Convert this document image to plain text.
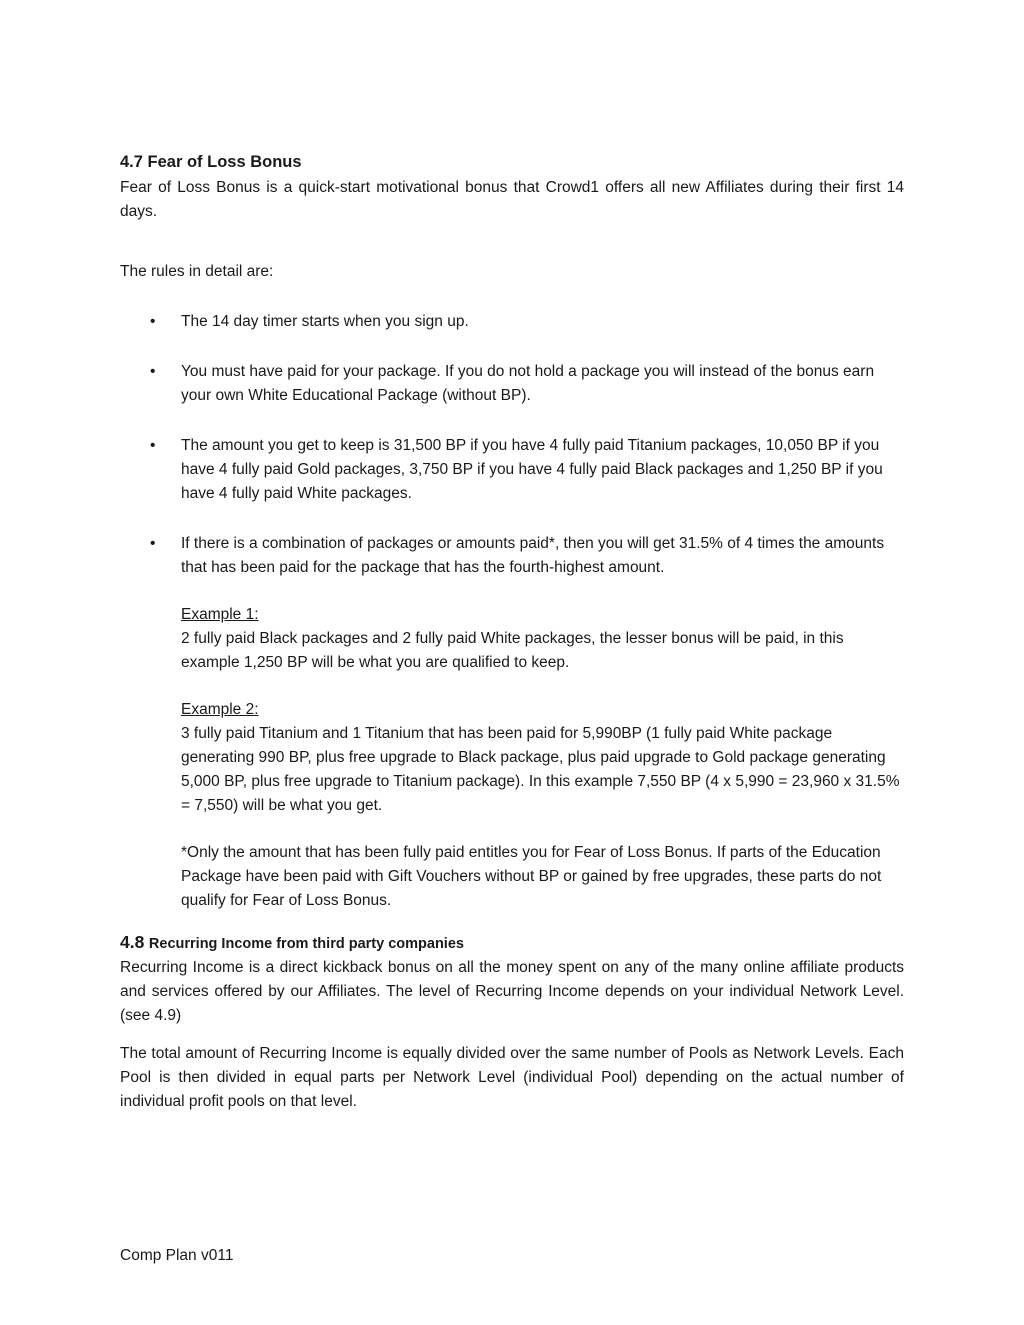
4.7 Fear of Loss Bonus

Fear of Loss Bonus is a quick-start motivational bonus that Crowd1 offers all new Affiliates during their first 14 days.

The rules in detail are:

• The 14 day timer starts when you sign up.

• You must have paid for your package. If you do not hold a package you will instead of the bonus earn your own White Educational Package (without BP).

• The amount you get to keep is 31,500 BP if you have 4 fully paid Titanium packages, 10,050 BP if you have 4 fully paid Gold packages, 3,750 BP if you have 4 fully paid Black packages and 1,250 BP if you have 4 fully paid White packages.

• If there is a combination of packages or amounts paid*, then you will get 31.5% of 4 times the amounts that has been paid for the package that has the fourth-highest amount.

Example 1:

2 fully paid Black packages and 2 fully paid White packages, the lesser bonus will be paid, in this example 1,250 BP will be what you are qualified to keep.

Example 2:

3 fully paid Titanium and 1 Titanium that has been paid for 5,990BP (1 fully paid White package generating 990 BP, plus free upgrade to Black package, plus paid upgrade to Gold package generating 5,000 BP, plus free upgrade to Titanium package). In this example 7,550 BP (4 x 5,990 = 23,960 x 31.5% = 7,550) will be what you get.

*Only the amount that has been fully paid entitles you for Fear of Loss Bonus. If parts of the Education Package have been paid with Gift Vouchers without BP or gained by free upgrades, these parts do not qualify for Fear of Loss Bonus.

4.8 Recurring Income from third party companies

Recurring Income is a direct kickback bonus on all the money spent on any of the many online affiliate products and services offered by our Affiliates. The level of Recurring Income depends on your individual Network Level. (see 4.9)

The total amount of Recurring Income is equally divided over the same number of Pools as Network Levels. Each Pool is then divided in equal parts per Network Level (individual Pool) depending on the actual number of individual profit pools on that level.

Comp Plan v011
